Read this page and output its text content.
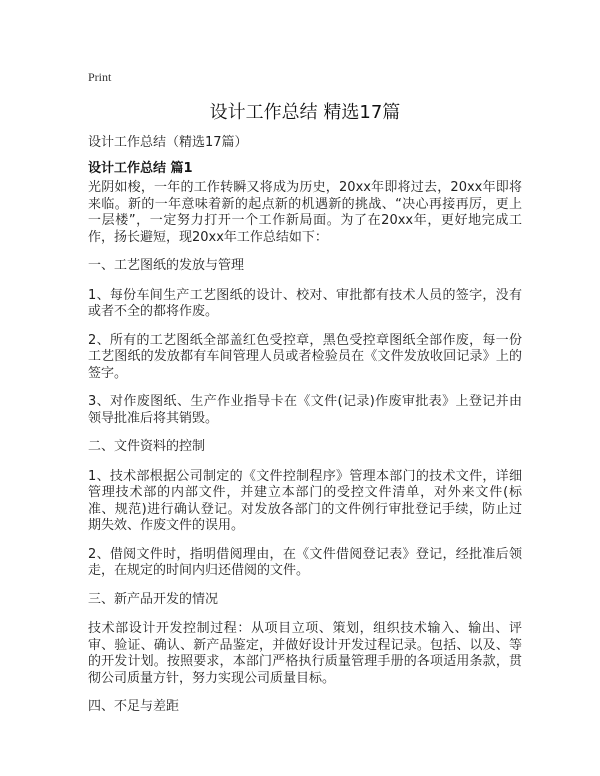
Print
设计工作总结 精选17篇
设计工作总结（精选17篇）
设计工作总结 篇1

光阴如梭，一年的工作转瞬又将成为历史，20xx年即将过去，20xx年即将来临。新的一年意味着新的起点新的机遇新的挑战、“决心再接再厉，更上一层楼”，一定努力打开一个工作新局面。为了在20xx年，更好地完成工作，扬长避短，现20xx年工作总结如下：

一、工艺图纸的发放与管理

1、每份车间生产工艺图纸的设计、校对、审批都有技术人员的签字，没有或者不全的都将作废。

2、所有的工艺图纸全部盖红色受控章，黑色受控章图纸全部作废，每一份工艺图纸的发放都有车间管理人员或者检验员在《文件发放收回记录》上的签字。

3、对作废图纸、生产作业指导卡在《文件(记录)作废审批表》上登记并由领导批准后将其销毁。

二、文件资料的控制

1、技术部根据公司制定的《文件控制程序》管理本部门的技术文件，详细管理技术部的内部文件，并建立本部门的受控文件清单，对外来文件(标准、规范)进行确认登记。对发放各部门的文件例行审批登记手续，防止过期失效、作废文件的误用。

2、借阅文件时，指明借阅理由，在《文件借阅登记表》登记，经批准后领走，在规定的时间内归还借阅的文件。

三、新产品开发的情况

技术部设计开发控制过程：从项目立项、策划，组织技术输入、输出、评审、验证、确认、新产品鉴定，并做好设计开发过程记录。包括、以及、等的开发计划。按照要求，本部门严格执行质量管理手册的各项适用条款，贯彻公司质量方针，努力实现公司质量目标。

四、不足与差距
